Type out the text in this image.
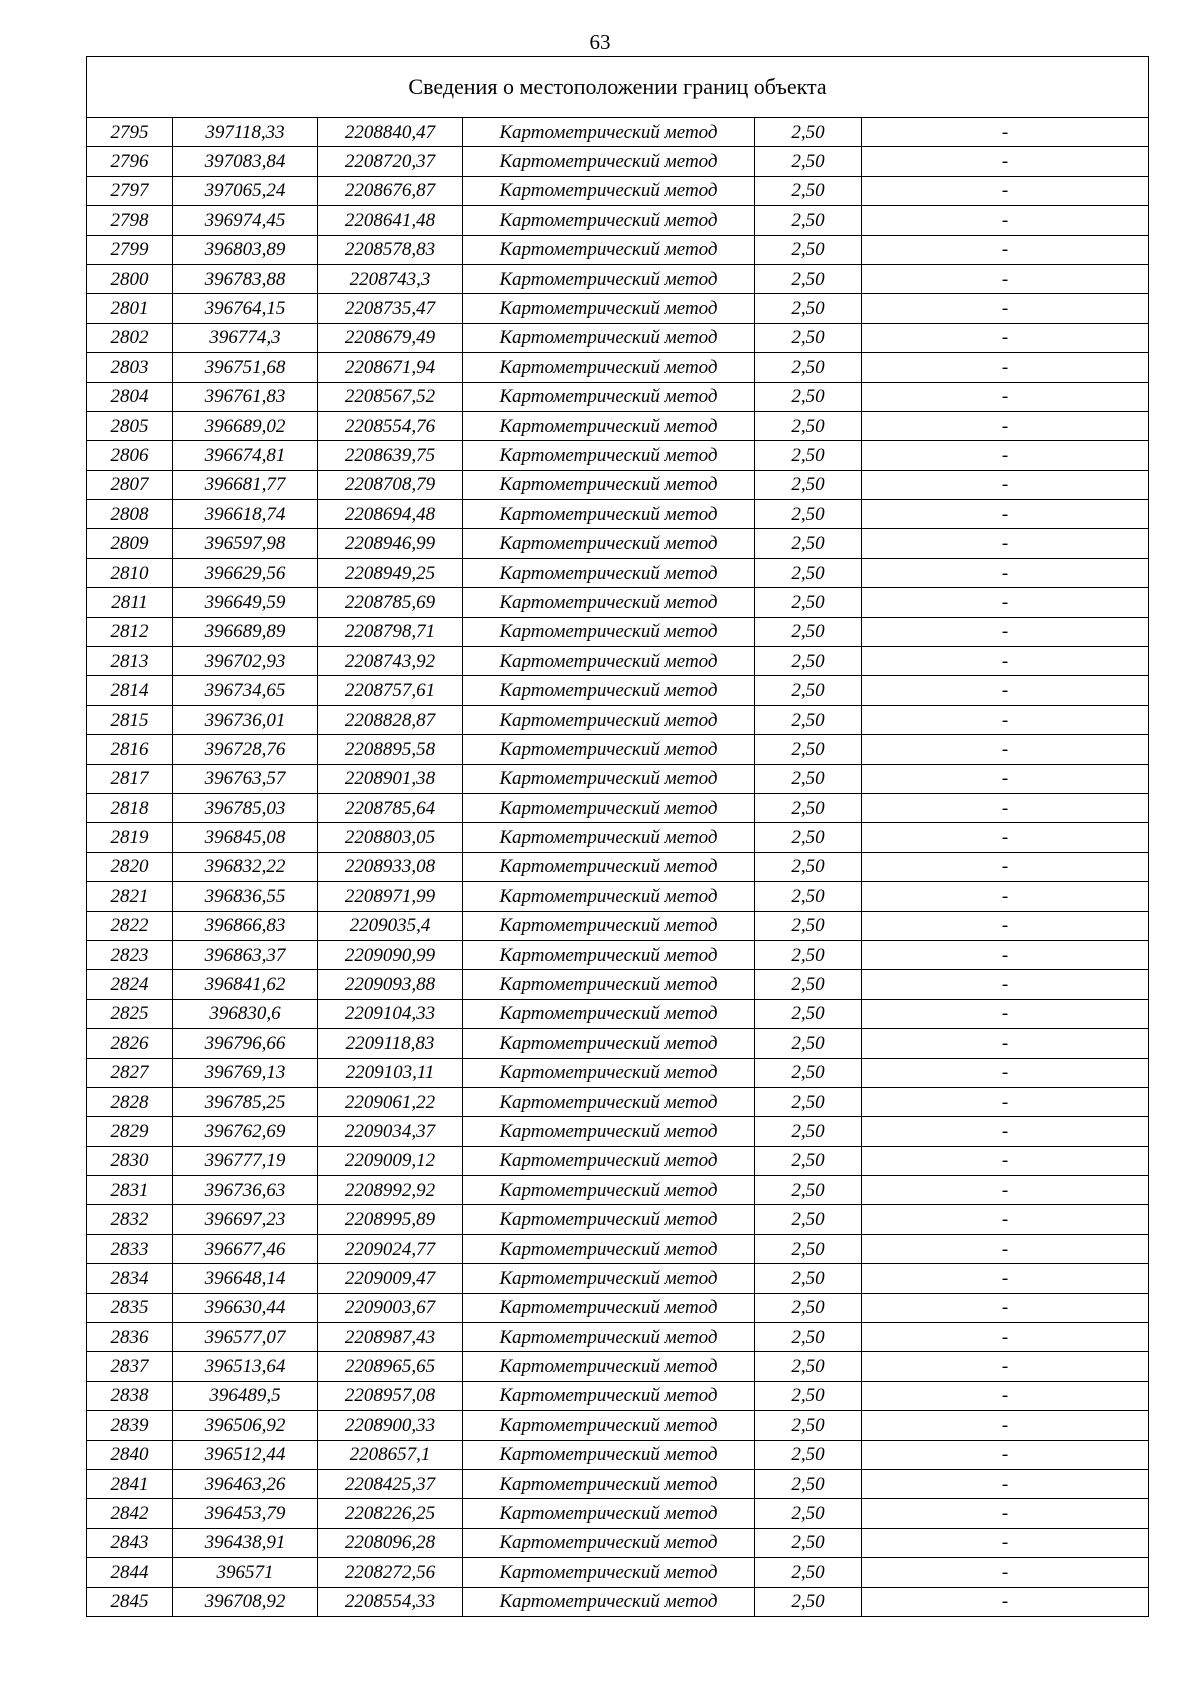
63
Сведения о местоположении границ объекта					
2795	397118,33	2208840,47	Картометрический метод	2,50	-
2796	397083,84	2208720,37	Картометрический метод	2,50	-
2797	397065,24	2208676,87	Картометрический метод	2,50	-
2798	396974,45	2208641,48	Картометрический метод	2,50	-
2799	396803,89	2208578,83	Картометрический метод	2,50	-
2800	396783,88	2208743,3	Картометрический метод	2,50	-
2801	396764,15	2208735,47	Картометрический метод	2,50	-
2802	396774,3	2208679,49	Картометрический метод	2,50	-
2803	396751,68	2208671,94	Картометрический метод	2,50	-
2804	396761,83	2208567,52	Картометрический метод	2,50	-
2805	396689,02	2208554,76	Картометрический метод	2,50	-
2806	396674,81	2208639,75	Картометрический метод	2,50	-
2807	396681,77	2208708,79	Картометрический метод	2,50	-
2808	396618,74	2208694,48	Картометрический метод	2,50	-
2809	396597,98	2208946,99	Картометрический метод	2,50	-
2810	396629,56	2208949,25	Картометрический метод	2,50	-
2811	396649,59	2208785,69	Картометрический метод	2,50	-
2812	396689,89	2208798,71	Картометрический метод	2,50	-
2813	396702,93	2208743,92	Картометрический метод	2,50	-
2814	396734,65	2208757,61	Картометрический метод	2,50	-
2815	396736,01	2208828,87	Картометрический метод	2,50	-
2816	396728,76	2208895,58	Картометрический метод	2,50	-
2817	396763,57	2208901,38	Картометрический метод	2,50	-
2818	396785,03	2208785,64	Картометрический метод	2,50	-
2819	396845,08	2208803,05	Картометрический метод	2,50	-
2820	396832,22	2208933,08	Картометрический метод	2,50	-
2821	396836,55	2208971,99	Картометрический метод	2,50	-
2822	396866,83	2209035,4	Картометрический метод	2,50	-
2823	396863,37	2209090,99	Картометрический метод	2,50	-
2824	396841,62	2209093,88	Картометрический метод	2,50	-
2825	396830,6	2209104,33	Картометрический метод	2,50	-
2826	396796,66	2209118,83	Картометрический метод	2,50	-
2827	396769,13	2209103,11	Картометрический метод	2,50	-
2828	396785,25	2209061,22	Картометрический метод	2,50	-
2829	396762,69	2209034,37	Картометрический метод	2,50	-
2830	396777,19	2209009,12	Картометрический метод	2,50	-
2831	396736,63	2208992,92	Картометрический метод	2,50	-
2832	396697,23	2208995,89	Картометрический метод	2,50	-
2833	396677,46	2209024,77	Картометрический метод	2,50	-
2834	396648,14	2209009,47	Картометрический метод	2,50	-
2835	396630,44	2209003,67	Картометрический метод	2,50	-
2836	396577,07	2208987,43	Картометрический метод	2,50	-
2837	396513,64	2208965,65	Картометрический метод	2,50	-
2838	396489,5	2208957,08	Картометрический метод	2,50	-
2839	396506,92	2208900,33	Картометрический метод	2,50	-
2840	396512,44	2208657,1	Картометрический метод	2,50	-
2841	396463,26	2208425,37	Картометрический метод	2,50	-
2842	396453,79	2208226,25	Картометрический метод	2,50	-
2843	396438,91	2208096,28	Картометрический метод	2,50	-
2844	396571	2208272,56	Картометрический метод	2,50	-
2845	396708,92	2208554,33	Картометрический метод	2,50	-
